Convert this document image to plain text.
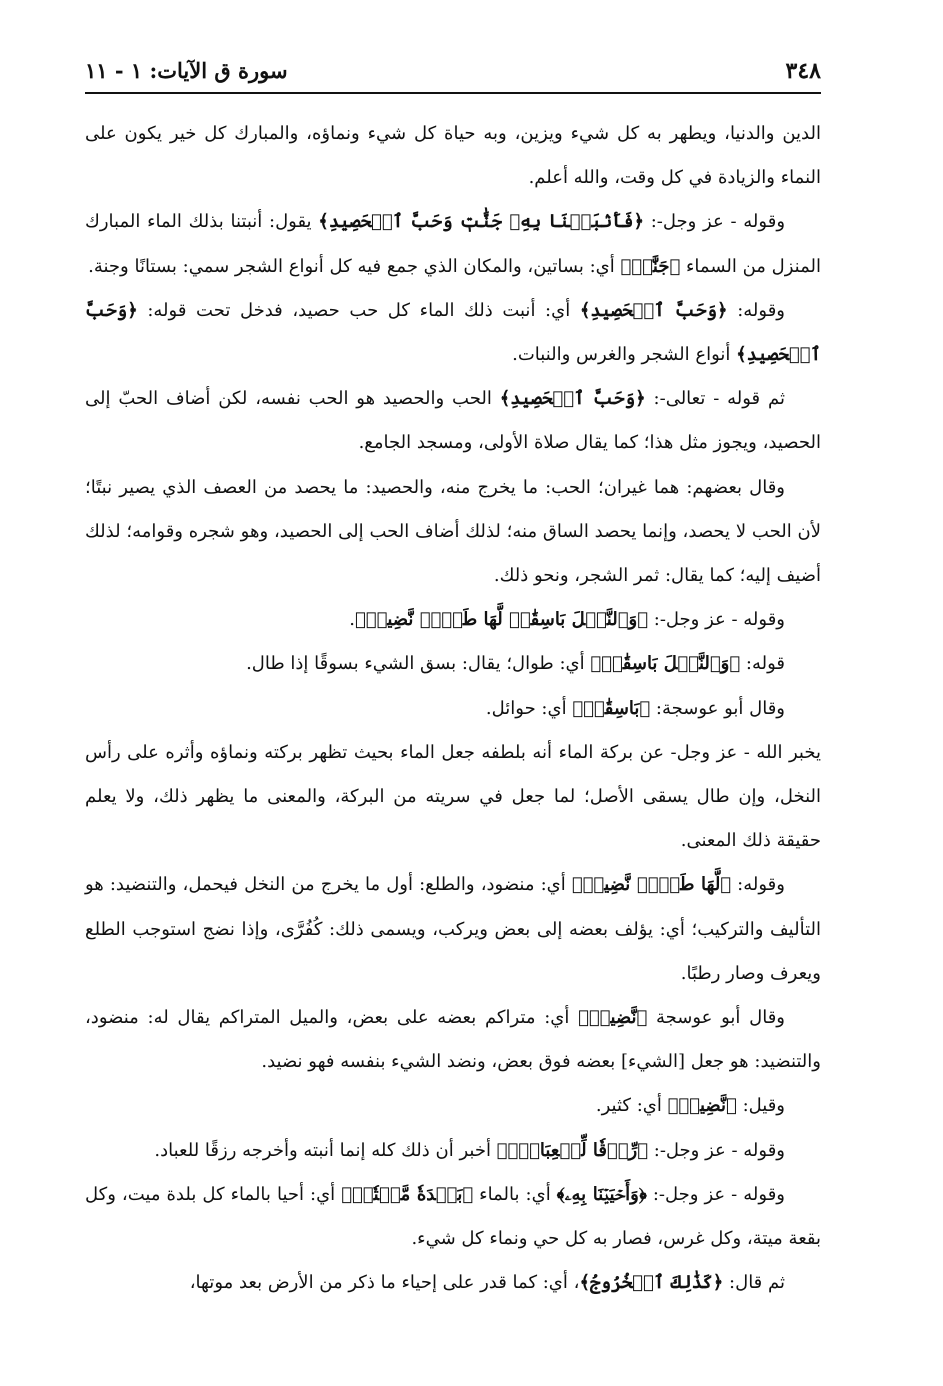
٣٤٨
سورة ق الآيات: ١ - ١١

الدين والدنيا، ويطهر به كل شيء ويزين، وبه حياة كل شيء ونماؤه، والمبارك كل خير يكون على النماء والزيادة في كل وقت، والله أعلم.

وقوله - عز وجل-: ﴿فَأَنۢبَتۡنَا بِهِۦ جَنَّٰتٖ وَحَبَّ ٱلۡحَصِيدِ﴾ يقول: أنبتنا بذلك الماء المبارك المنزل من السماء ﴿جَنَّٰتٖ﴾ أي: بساتين، والمكان الذي جمع فيه كل أنواع الشجر سمي: بستانًا وجنة.

وقوله: ﴿وَحَبَّ ٱلۡحَصِيدِ﴾ أي: أنبت ذلك الماء كل حب حصيد، فدخل تحت قوله: ﴿وَحَبَّ ٱلۡحَصِيدِ﴾ أنواع الشجر والغرس والنبات.

ثم قوله - تعالى-: ﴿وَحَبَّ ٱلۡحَصِيدِ﴾ الحب والحصيد هو الحب نفسه، لكن أضاف الحبّ إلى الحصيد، ويجوز مثل هذا؛ كما يقال صلاة الأولى، ومسجد الجامع.

وقال بعضهم: هما غيران؛ الحب: ما يخرج منه، والحصيد: ما يحصد من العصف الذي يصير نبتًا؛ لأن الحب لا يحصد، وإنما يحصد الساق منه؛ لذلك أضاف الحب إلى الحصيد، وهو شجره وقوامه؛ لذلك أضيف إليه؛ كما يقال: ثمر الشجر، ونحو ذلك.

وقوله - عز وجل-: ﴿وَٱلنَّخۡلَ بَاسِقَٰتٖ لَّهَا طَلۡعٞ نَّضِيدٞ﴾.

قوله: ﴿وَٱلنَّخۡلَ بَاسِقَٰتٖ﴾ أي: طوال؛ يقال: بسق الشيء بسوقًا إذا طال.

وقال أبو عوسجة: ﴿بَاسِقَٰتٖ﴾ أي: حوائل.

يخبر الله - عز وجل- عن بركة الماء أنه بلطفه جعل الماء بحيث تظهر بركته ونماؤه وأثره على رأس النخل، وإن طال يسقى الأصل؛ لما جعل في سريته من البركة، والمعنى ما يظهر ذلك، ولا يعلم حقيقة ذلك المعنى.

وقوله: ﴿لَّهَا طَلۡعٞ نَّضِيدٞ﴾ أي: منضود، والطلع: أول ما يخرج من النخل فيحمل، والتنضيد: هو التأليف والتركيب؛ أي: يؤلف بعضه إلى بعض ويركب، ويسمى ذلك: كُفُرَّى، وإذا نضج استوجب الطلع ويعرف وصار رطبًا.

وقال أبو عوسجة ﴿نَّضِيدٞ﴾ أي: متراكم بعضه على بعض، والميل المتراكم يقال له: منضود، والتنضيد: هو جعل [الشيء] بعضه فوق بعض، ونضد الشيء بنفسه فهو نضيد.

وقيل: ﴿نَّضِيدٞ﴾ أي: كثير.

وقوله - عز وجل-: ﴿رِّزۡقٗا لِّلۡعِبَادِۖ﴾ أخبر أن ذلك كله إنما أنبته وأخرجه رزقًا للعباد.

وقوله - عز وجل-: ﴿وَأَحۡيَيۡنَا بِهِۦ﴾ أي: بالماء ﴿بَلۡدَةٗ مَّيۡتٗاۚ﴾ أي: أحيا بالماء كل بلدة ميت، وكل بقعة ميتة، وكل غرس، فصار به كل حي ونماء كل شيء.

ثم قال: ﴿كَذَٰلِكَ ٱلۡخُرُوجُ﴾، أي: كما قدر على إحياء ما ذكر من الأرض بعد موتها،
